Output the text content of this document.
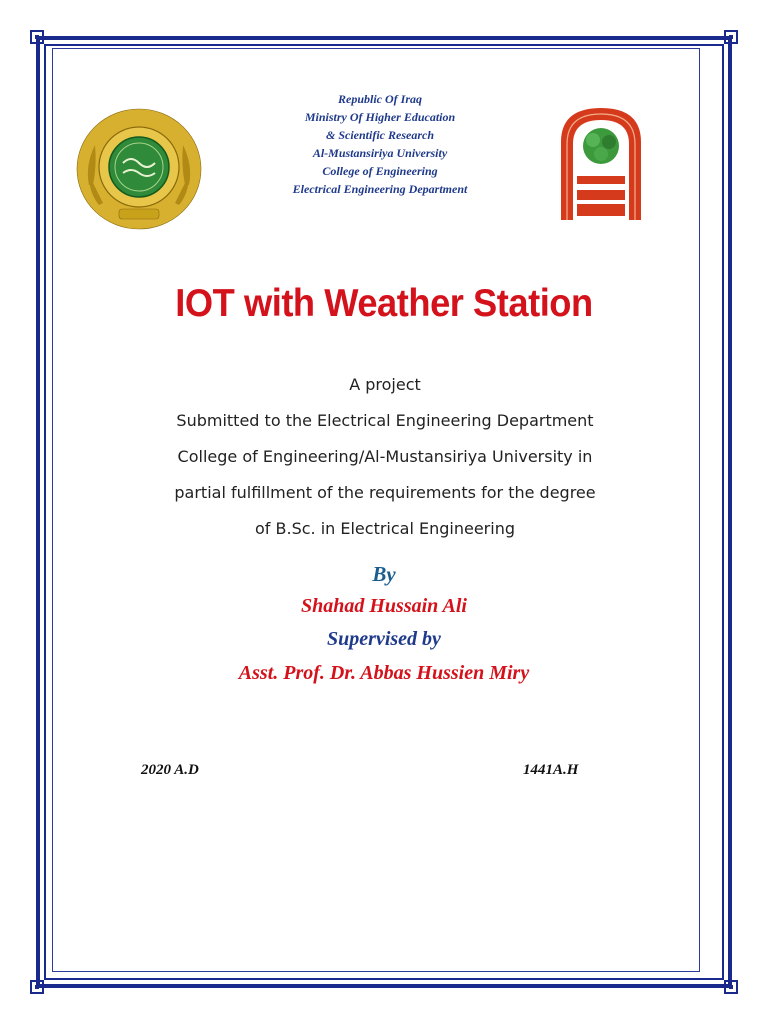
Republic Of Iraq
Ministry Of Higher Education
& Scientific Research
Al-Mustansiriya University
College of Engineering
Electrical Engineering Department
IOT with Weather Station
A project
Submitted to the Electrical Engineering Department
College of Engineering/Al-Mustansiriya University in
partial fulfillment of the requirements for the degree
of B.Sc. in Electrical Engineering
By
Shahad Hussain Ali
Supervised by
Asst. Prof. Dr. Abbas Hussien Miry
2020 A.D	1441A.H
